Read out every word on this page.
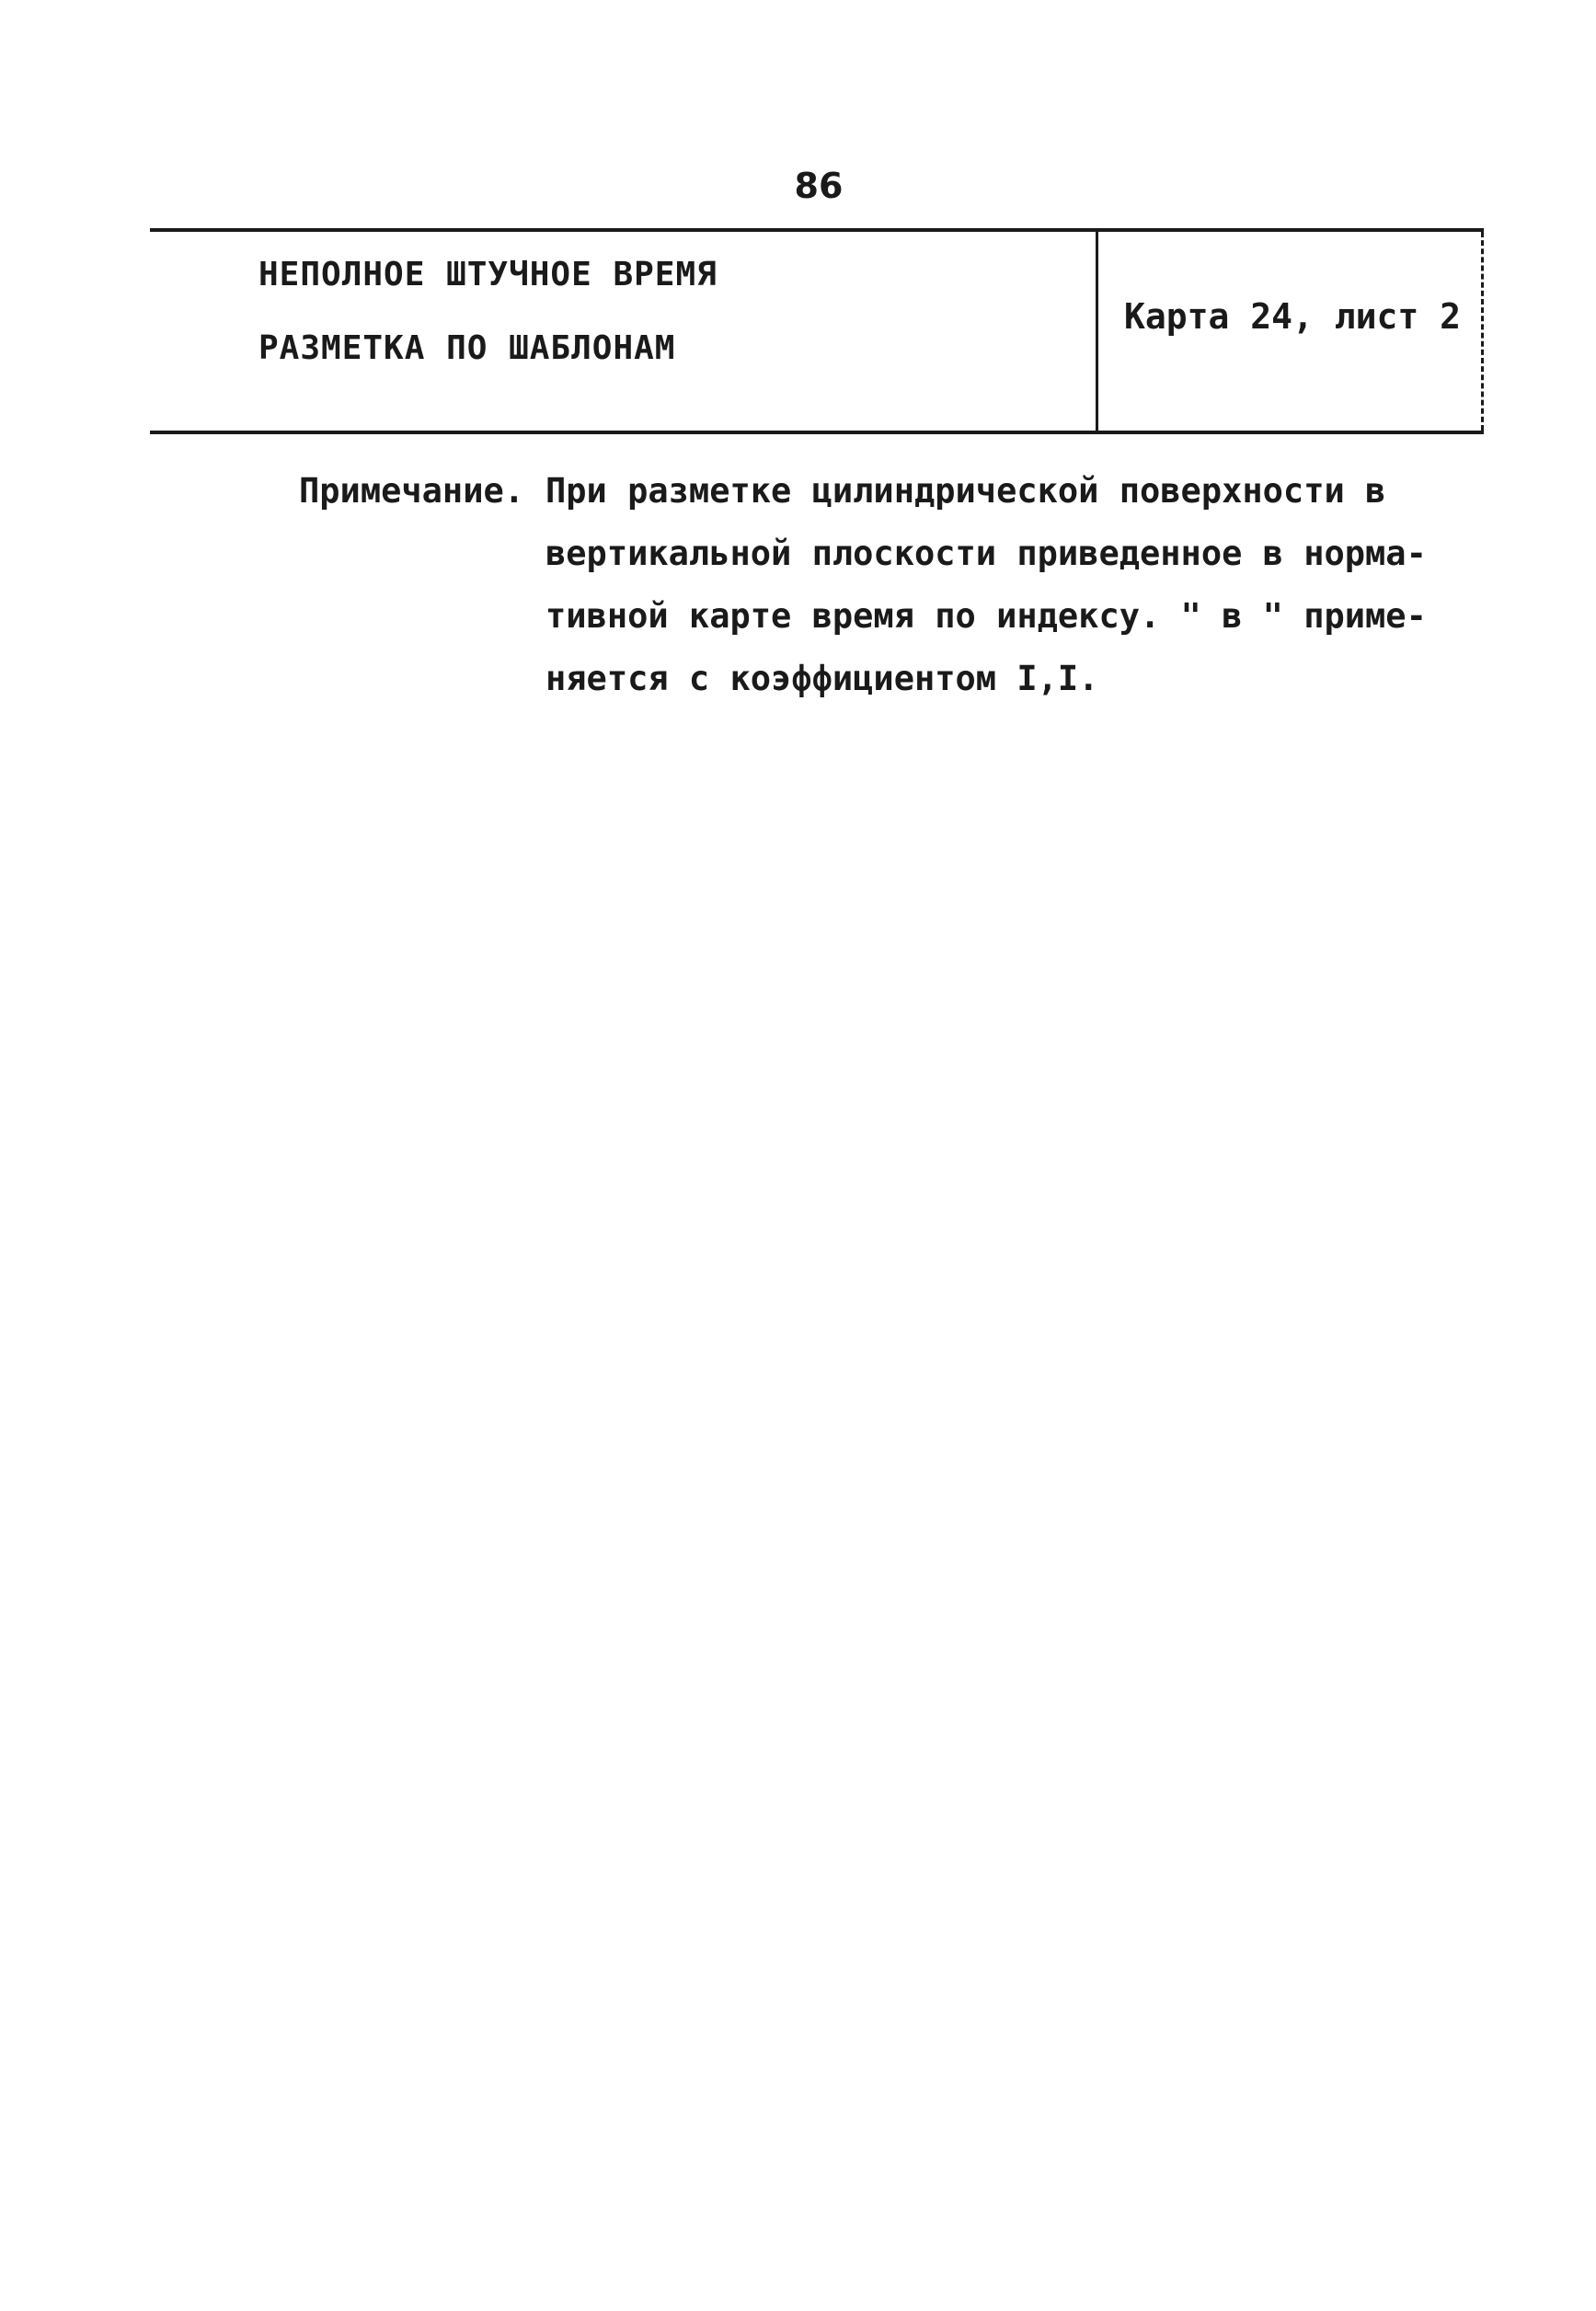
86
НЕПОЛНОЕ ШТУЧНОЕ ВРЕМЯ
РАЗМЕТКА ПО ШАБЛОНАМ
Карта 24, лист 2
Примечание. При разметке цилиндрической поверхности в
вертикальной плоскости приведенное в норма-
тивной карте время по индексу. " в " приме-
няется с коэффициентом I,I.
